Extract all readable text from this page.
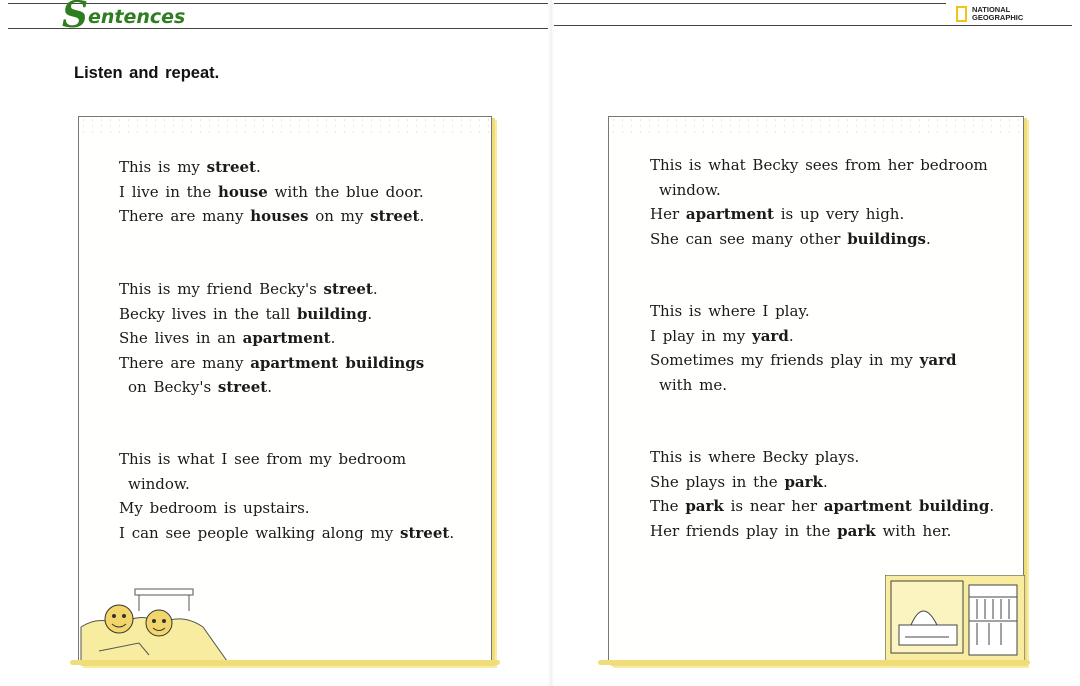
S entences	NATIONAL
GEOGRAPHIC
Listen and repeat.
This is my street.
I live in the house with the blue door.
There are many houses on my street.
This is my friend Becky's street.
Becky lives in the tall building.
She lives in an apartment.
There are many apartment buildings
on Becky's street.
This is what I see from my bedroom
window.
My bedroom is upstairs.
I can see people walking along my street.
This is what Becky sees from her bedroom
window.
Her apartment is up very high.
She can see many other buildings.
This is where I play.
I play in my yard.
Sometimes my friends play in my yard
with me.
This is where Becky plays.
She plays in the park.
The park is near her apartment building.
Her friends play in the park with her.
